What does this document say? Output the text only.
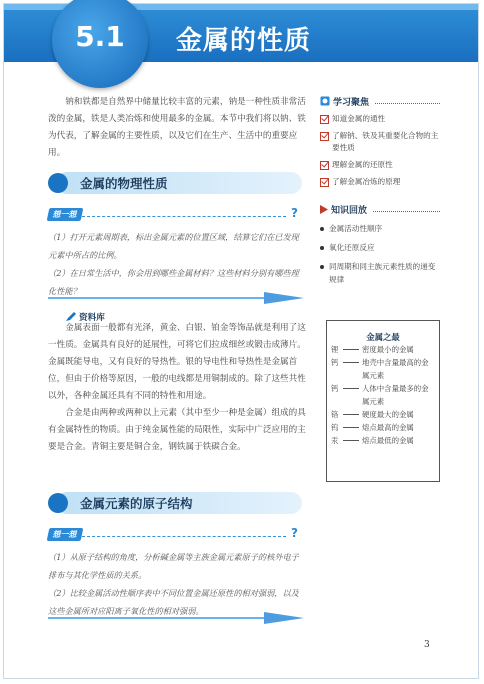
5.1	金属的性质

钠和铁都是自然界中储量比较丰富的元素，钠是一种性质非常活泼的金属，铁是人类冶炼和使用最多的金属。本节中我们将以钠、铁为代表，了解金属的主要性质，以及它们在生产、生活中的重要应用。

金属的物理性质
想一想	?
（1）打开元素周期表，标出金属元素的位置区域，结算它们在已发现元素中所占的比例。
（2）在日常生活中，你会用到哪些金属材料？这些材料分别有哪些理化性能？

金属表面一般都有光泽，黄金、白银、铂金等饰品就是利用了这一性质。金属具有良好的延展性，可将它们拉成细丝或锻击成薄片。金属既能导电，又有良好的导热性。银的导电性和导热性是金属首位，但由于价格等原因，一般的电线都是用铜制成的。除了这些共性以外，各种金属还具有不同的特性和用途。

合金是由两种或两种以上元素（其中至少一种是金属）组成的具有金属特性的物质。由于纯金属性能的局限性，实际中广泛应用的主要是合金。青铜主要是铜合金，钢铁属于铁碳合金。

金属元素的原子结构
想一想	?
（1）从原子结构的角度，分析碱金属等主族金属元素原子的核外电子排布与其化学性质的关系。
（2）比较金属活动性顺序表中不同位置金属还原性的相对强弱，以及这些金属所对应阳离子氧化性的相对强弱。
学习聚焦
知道金属的通性
了解钠、铁及其重要化合物的主要性质
理解金属的还原性
了解金属冶炼的原理
知识回放
金属活动性顺序
氧化还原反应
同周期和同主族元素性质的递变规律
金属之最
锂	密度最小的金属
钙	地壳中含量最高的金属元素
钙	人体中含量最多的金属元素
铬	硬度最大的金属
钨	熔点最高的金属
汞	熔点最低的金属
资料库
3
